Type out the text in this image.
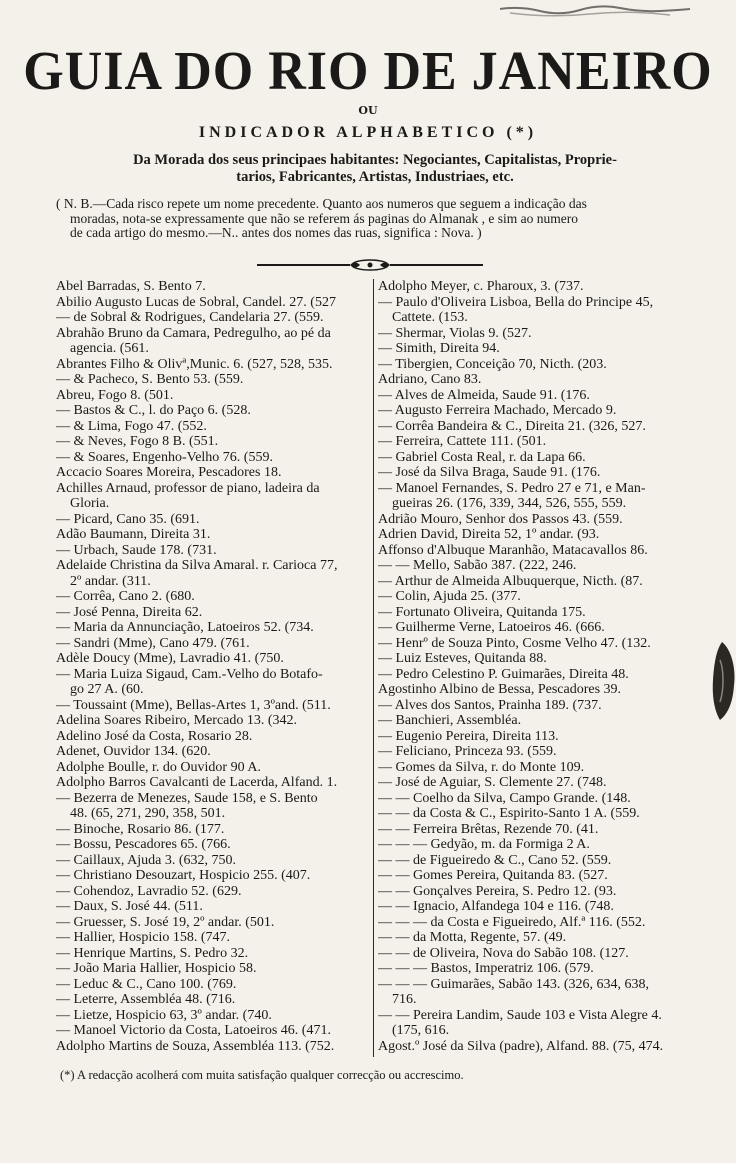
GUIA DO RIO DE JANEIRO
OU
INDICADOR ALPHABETICO (*)
Da Morada dos seus principaes habitantes: Negociantes, Capitalistas, Proprie-
tarios, Fabricantes, Artistas, Industriaes, etc.
( N. B.—Cada risco repete um nome precedente. Quanto aos numeros que seguem a indicação das
moradas, nota-se expressamente que não se referem ás paginas do Almanak , e sim ao numero
de cada artigo do mesmo.—N.. antes dos nomes das ruas, significa : Nova. )
Abel Barradas, S. Bento 7.
Abilio Augusto Lucas de Sobral, Candel. 27. (527
— de Sobral & Rodrigues, Candelaria 27. (559.
Abrahão Bruno da Camara, Pedregulho, ao pé da
agencia. (561.
Abrantes Filho & Olivª,Munic. 6. (527, 528, 535.
— & Pacheco, S. Bento 53. (559.
Abreu, Fogo 8. (501.
— Bastos & C., l. do Paço 6. (528.
— & Lima, Fogo 47. (552.
— & Neves, Fogo 8 B. (551.
— & Soares, Engenho-Velho 76. (559.
Accacio Soares Moreira, Pescadores 18.
Achilles Arnaud, professor de piano, ladeira da
Gloria.
— Picard, Cano 35. (691.
Adão Baumann, Direita 31.
— Urbach, Saude 178. (731.
Adelaide Christina da Silva Amaral. r. Carioca 77,
2º andar. (311.
— Corrêa, Cano 2. (680.
— José Penna, Direita 62.
— Maria da Annunciação, Latoeiros 52. (734.
— Sandri (Mme), Cano 479. (761.
Adèle Doucy (Mme), Lavradio 41. (750.
— Maria Luiza Sigaud, Cam.-Velho do Botafo-
go 27 A. (60.
— Toussaint (Mme), Bellas-Artes 1, 3ºand. (511.
Adelina Soares Ribeiro, Mercado 13. (342.
Adelino José da Costa, Rosario 28.
Adenet, Ouvidor 134. (620.
Adolphe Boulle, r. do Ouvidor 90 A.
Adolpho Barros Cavalcanti de Lacerda, Alfand. 1.
— Bezerra de Menezes, Saude 158, e S. Bento
48. (65, 271, 290, 358, 501.
— Binoche, Rosario 86. (177.
— Bossu, Pescadores 65. (766.
— Caillaux, Ajuda 3. (632, 750.
— Christiano Desouzart, Hospicio 255. (407.
— Cohendoz, Lavradio 52. (629.
— Daux, S. José 44. (511.
— Gruesser, S. José 19, 2º andar. (501.
— Hallier, Hospicio 158. (747.
— Henrique Martins, S. Pedro 32.
— João Maria Hallier, Hospicio 58.
— Leduc & C., Cano 100. (769.
— Leterre, Assembléa 48. (716.
— Lietze, Hospicio 63, 3º andar. (740.
— Manoel Victorio da Costa, Latoeiros 46. (471.
Adolpho Martins de Souza, Assembléa 113. (752.
Adolpho Meyer, c. Pharoux, 3. (737.
— Paulo d'Oliveira Lisboa, Bella do Principe 45,
Cattete. (153.
— Shermar, Violas 9. (527.
— Simith, Direita 94.
— Tibergien, Conceição 70, Nicth. (203.
Adriano, Cano 83.
— Alves de Almeida, Saude 91. (176.
— Augusto Ferreira Machado, Mercado 9.
— Corrêa Bandeira & C., Direita 21. (326, 527.
— Ferreira, Cattete 111. (501.
— Gabriel Costa Real, r. da Lapa 66.
— José da Silva Braga, Saude 91. (176.
— Manoel Fernandes, S. Pedro 27 e 71, e Man-
gueiras 26. (176, 339, 344, 526, 555, 559.
Adrião Mouro, Senhor dos Passos 43. (559.
Adrien David, Direita 52, 1º andar. (93.
Affonso d'Albuque Maranhão, Matacavallos 86.
— — Mello, Sabão 387. (222, 246.
— Arthur de Almeida Albuquerque, Nicth. (87.
— Colin, Ajuda 25. (377.
— Fortunato Oliveira, Quitanda 175.
— Guilherme Verne, Latoeiros 46. (666.
— Henrº de Souza Pinto, Cosme Velho 47. (132.
— Luiz Esteves, Quitanda 88.
— Pedro Celestino P. Guimarães, Direita 48.
Agostinho Albino de Bessa, Pescadores 39.
— Alves dos Santos, Prainha 189. (737.
— Banchieri, Assembléa.
— Eugenio Pereira, Direita 113.
— Feliciano, Princeza 93. (559.
— Gomes da Silva, r. do Monte 109.
— José de Aguiar, S. Clemente 27. (748.
— — Coelho da Silva, Campo Grande. (148.
— — da Costa & C., Espirito-Santo 1 A. (559.
— — Ferreira Brêtas, Rezende 70. (41.
— — — Gedyão, m. da Formiga 2 A.
— — de Figueiredo & C., Cano 52. (559.
— — Gomes Pereira, Quitanda 83. (527.
— — Gonçalves Pereira, S. Pedro 12. (93.
— — Ignacio, Alfandega 104 e 116. (748.
— — — da Costa e Figueiredo, Alf.ª 116. (552.
— — da Motta, Regente, 57. (49.
— — de Oliveira, Nova do Sabão 108. (127.
— — — Bastos, Imperatriz 106. (579.
— — — Guimarães, Sabão 143. (326, 634, 638,
716.
— — Pereira Landim, Saude 103 e Vista Alegre 4.
(175, 616.
Agost.º José da Silva (padre), Alfand. 88. (75, 474.
(*) A redacção acolherá com muita satisfação qualquer correcção ou accrescimo.
